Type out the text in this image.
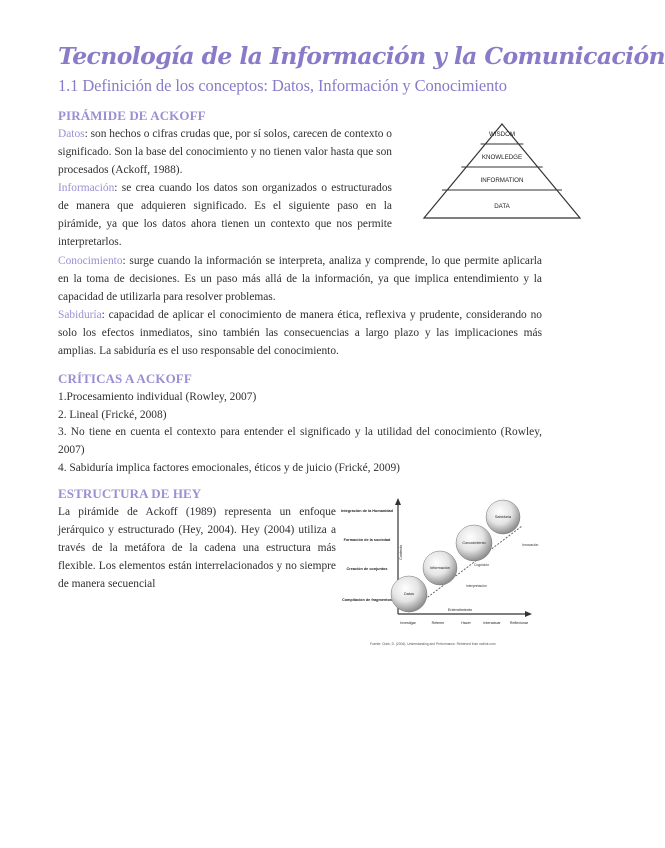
Tecnología de la Información y la Comunicación
1.1 Definición de los conceptos: Datos, Información y Conocimiento
PIRÁMIDE DE ACKOFF
Datos: son hechos o cifras crudas que, por sí solos, carecen de contexto o significado. Son la base del conocimiento y no tienen valor hasta que son procesados (Ackoff, 1988).
Información: se crea cuando los datos son organizados o estructurados de manera que adquieren significado. Es el siguiente paso en la pirámide, ya que los datos ahora tienen un contexto que nos permite interpretarlos.
WISDOM
KNOWLEDGE
INFORMATION
DATA
Conocimiento: surge cuando la información se interpreta, analiza y comprende, lo que permite aplicarla en la toma de decisiones. Es un paso más allá de la información, ya que implica entendimiento y la capacidad de utilizarla para resolver problemas.
Sabiduría: capacidad de aplicar el conocimiento de manera ética, reflexiva y prudente, considerando no solo los efectos inmediatos, sino también las consecuencias a largo plazo y las implicaciones más amplias. La sabiduría es el uso responsable del conocimiento.
CRÍTICAS A ACKOFF
1.Procesamiento individual (Rowley, 2007)
2. Lineal (Frické, 2008)
3. No tiene en cuenta el contexto para entender el significado y la utilidad del conocimiento (Rowley, 2007)
4. Sabiduría implica factores emocionales, éticos y de juicio (Frické, 2009)
ESTRUCTURA DE HEY
La pirámide de Ackoff (1989) representa un enfoque jerárquico y estructurado (Hey, 2004). Hey (2004) utiliza a través de la metáfora de la cadena una estructura más flexible. Los elementos están interrelacionados y no siempre de manera secuencial
Integración de la Humanidad
Formación de la sociedad
Creación de conjuntos
Compilación de fragmentos
Contexto
Investigar	Retener	Hacer	Interactuar	Reflexionar
Entendimiento
Interpretación
Cognición
Innovación
Datos
Información
Conocimiento
Sabiduría
Fuente: Clark, D. (2004). Understanding and Performance. Retrieved from nwlink.com
